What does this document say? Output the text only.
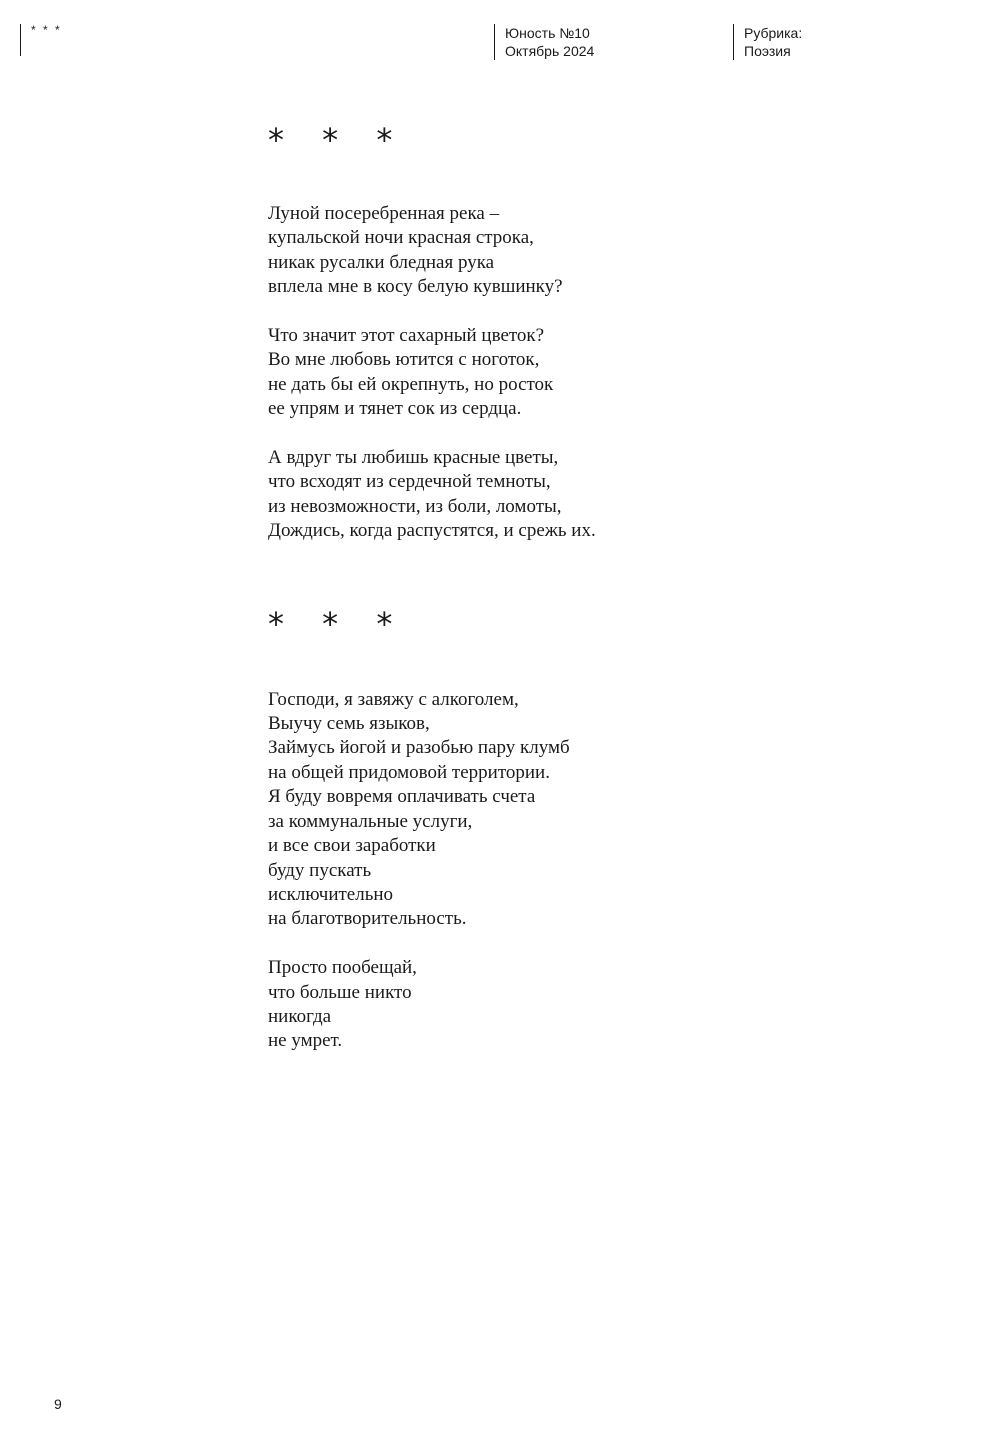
* * *	Юность №10
Октябрь 2024
Рубрика:
Поэзия
* * *

Луной посеребренная река –
купальской ночи красная строка,
никак русалки бледная рука
вплела мне в косу белую кувшинку?

Что значит этот сахарный цветок?
Во мне любовь ютится с ноготок,
не дать бы ей окрепнуть, но росток
ее упрям и тянет сок из сердца.

А вдруг ты любишь красные цветы,
что всходят из сердечной темноты,
из невозможности, из боли, ломоты,
Дождись, когда распустятся, и срежь их.

* * *

Господи, я завяжу с алкоголем,
Выучу семь языков,
Займусь йогой и разобью пару клумб
на общей придомовой территории.
Я буду вовремя оплачивать счета
за коммунальные услуги,
и все свои заработки
буду пускать
исключительно
на благотворительность.

Просто пообещай,
что больше никто
никогда
не умрет.

9
